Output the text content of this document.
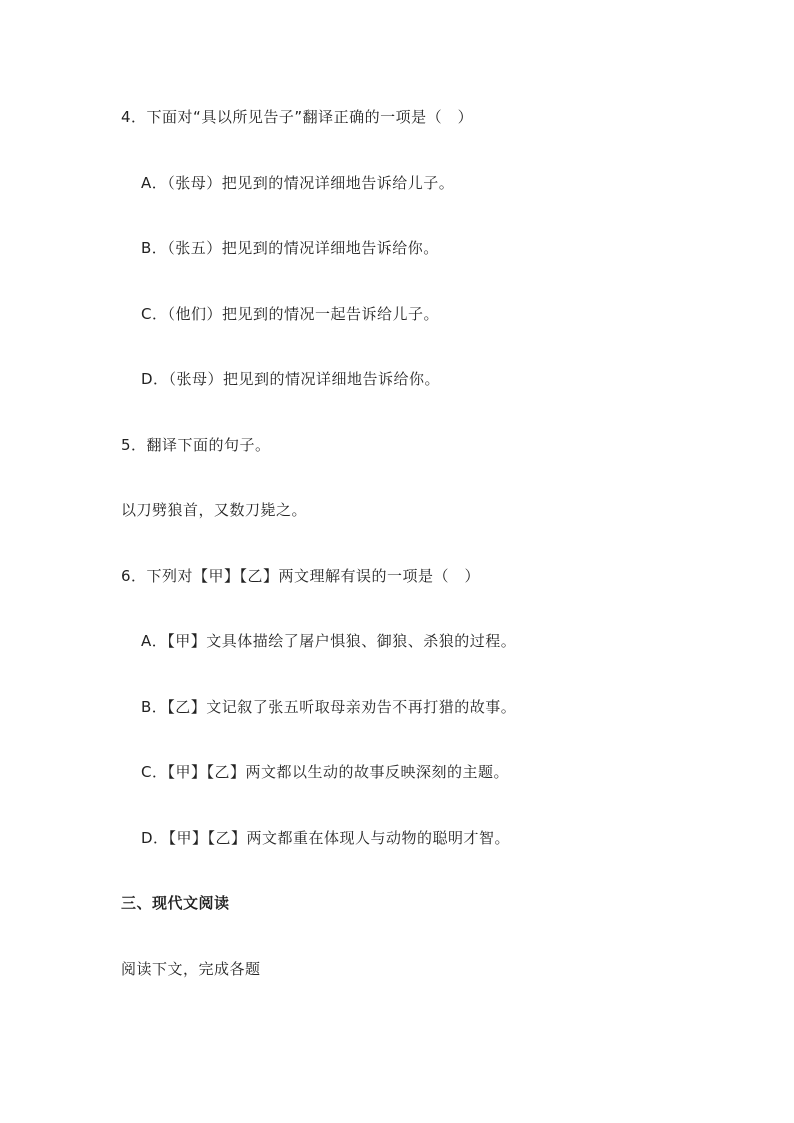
4．下面对“具以所见告子”翻译正确的一项是（　）
A．（张母）把见到的情况详细地告诉给儿子。
B．（张五）把见到的情况详细地告诉给你。
C．（他们）把见到的情况一起告诉给儿子。
D．（张母）把见到的情况详细地告诉给你。
5．翻译下面的句子。
以刀劈狼首，又数刀毙之。
6．下列对【甲】【乙】两文理解有误的一项是（　）
A．【甲】文具体描绘了屠户惧狼、御狼、杀狼的过程。
B．【乙】文记叙了张五听取母亲劝告不再打猎的故事。
C．【甲】【乙】两文都以生动的故事反映深刻的主题。
D．【甲】【乙】两文都重在体现人与动物的聪明才智。
三、现代文阅读
阅读下文，完成各题
